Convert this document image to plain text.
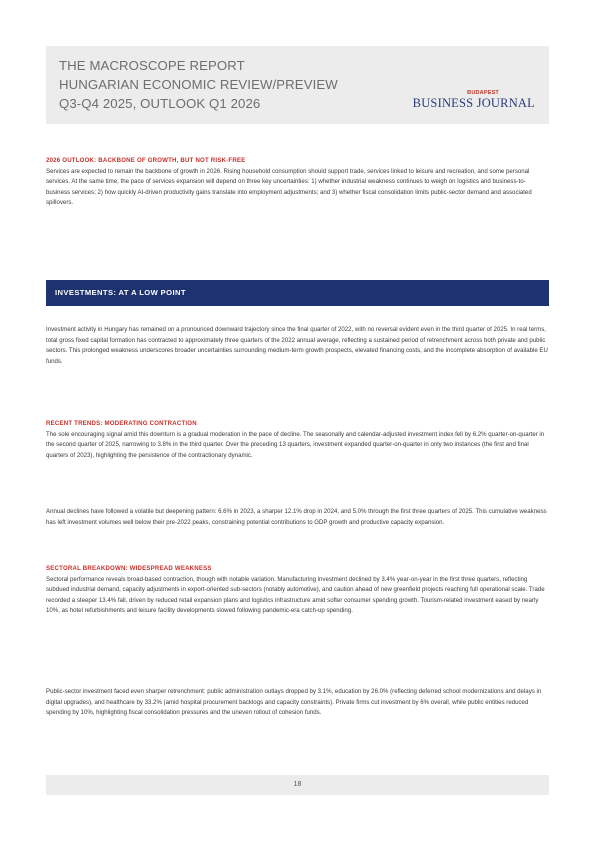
THE MACROSCOPE REPORT
HUNGARIAN ECONOMIC REVIEW/PREVIEW
Q3-Q4 2025, OUTLOOK Q1 2026
BUDAPEST
BUSINESS JOURNAL
2026 OUTLOOK: BACKBONE OF GROWTH, BUT NOT RISK-FREE

Services are expected to remain the backbone of growth in 2026. Rising household consumption should support trade, services linked to leisure and recreation, and some personal services. At the same time, the pace of services expansion will depend on three key uncertainties: 1) whether industrial weakness continues to weigh on logistics and business-to-business services; 2) how quickly AI-driven productivity gains translate into employment adjustments; and 3) whether fiscal consolidation limits public-sector demand and associated spillovers.

INVESTMENTS: AT A LOW POINT

Investment activity in Hungary has remained on a pronounced downward trajectory since the final quarter of 2022, with no reversal evident even in the third quarter of 2025. In real terms, total gross fixed capital formation has contracted to approximately three quarters of the 2022 annual average, reflecting a sustained period of retrenchment across both private and public sectors. This prolonged weakness underscores broader uncertainties surrounding medium-term growth prospects, elevated financing costs, and the incomplete absorption of available EU funds.

RECENT TRENDS: MODERATING CONTRACTION

The sole encouraging signal amid this downturn is a gradual moderation in the pace of decline. The seasonally and calendar-adjusted investment index fell by 6.2% quarter-on-quarter in the second quarter of 2025, narrowing to 3.8% in the third quarter. Over the preceding 13 quarters, investment expanded quarter-on-quarter in only two instances (the first and final quarters of 2023), highlighting the persistence of the contractionary dynamic.

Annual declines have followed a volatile but deepening pattern: 6.6% in 2023, a sharper 12.1% drop in 2024, and 5.0% through the first three quarters of 2025. This cumulative weakness has left investment volumes well below their pre-2022 peaks, constraining potential contributions to GDP growth and productive capacity expansion.

SECTORAL BREAKDOWN: WIDESPREAD WEAKNESS

Sectoral performance reveals broad-based contraction, though with notable variation. Manufacturing investment declined by 3.4% year-on-year in the first three quarters, reflecting subdued industrial demand, capacity adjustments in export-oriented sub-sectors (notably automotive), and caution ahead of new greenfield projects reaching full operational scale. Trade recorded a steeper 13.4% fall, driven by reduced retail expansion plans and logistics infrastructure amid softer consumer spending growth. Tourism-related investment eased by nearly 10%, as hotel refurbishments and leisure facility developments slowed following pandemic-era catch-up spending.

Public-sector investment faced even sharper retrenchment: public administration outlays dropped by 3.1%, education by 26.0% (reflecting deferred school modernizations and delays in digital upgrades), and healthcare by 33.2% (amid hospital procurement backlogs and capacity constraints). Private firms cut investment by 6% overall, while public entities reduced spending by 10%, highlighting fiscal consolidation pressures and the uneven rollout of cohesion funds.

18
